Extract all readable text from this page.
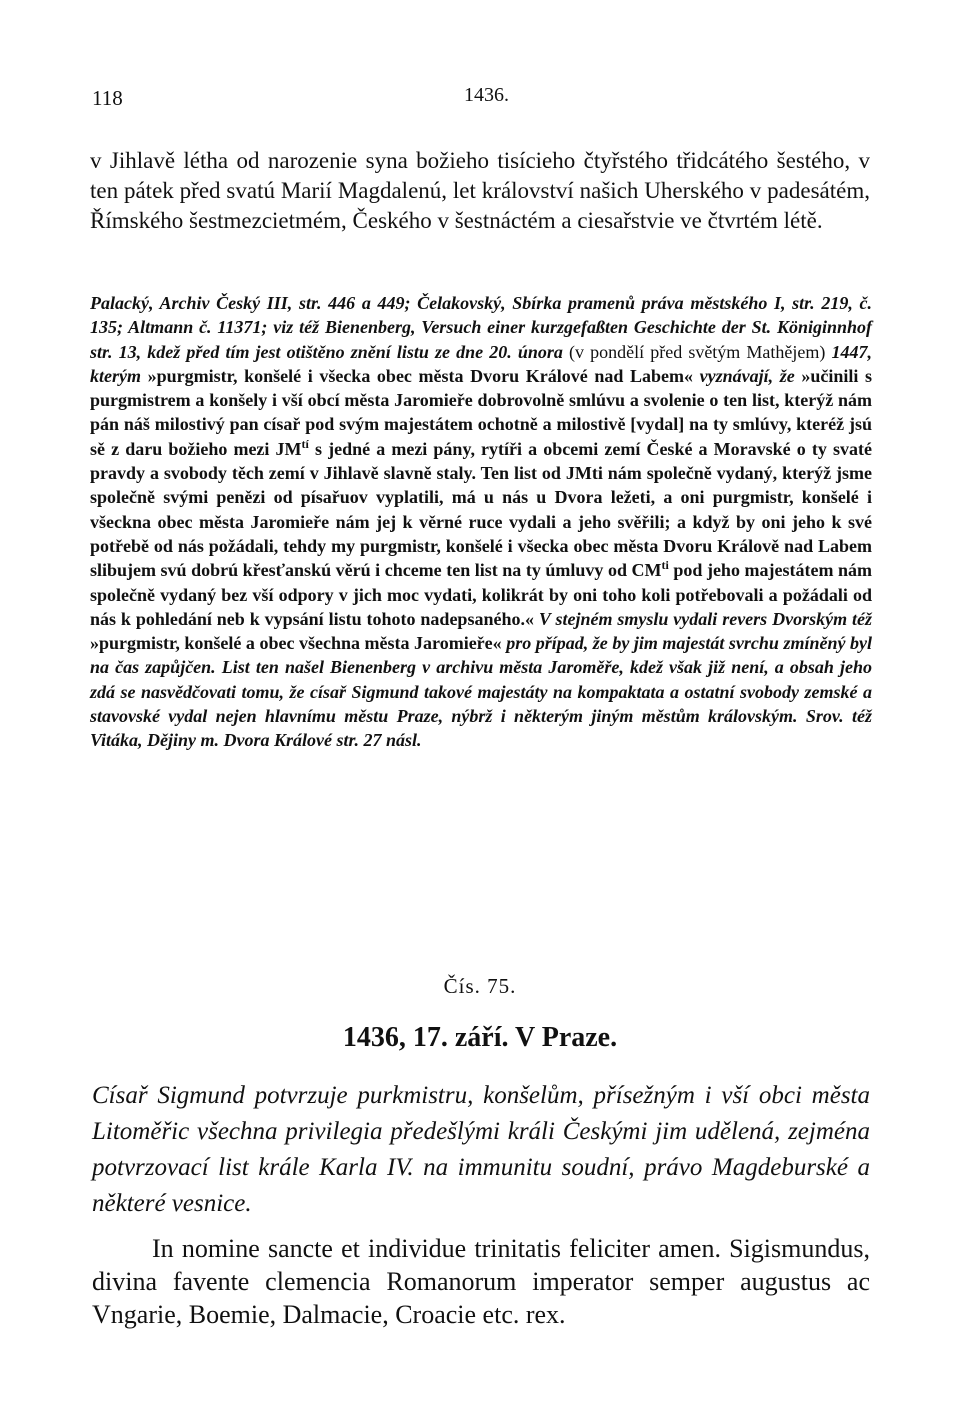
118	1436.

v Jihlavě létha od narozenie syna božieho tisícieho čtyřstého třidcátého šestého, v ten pátek před svatú Marií Magdalenú, let království našich Uherského v padesátém, Římského šestmezcietmém, Českého v šestnáctém a ciesařstvie ve čtvrtém létě.

Palacký, Archiv Český III, str. 446 a 449; Čelakovský, Sbírka pramenů práva městského I, str. 219, č. 135; Altmann č. 11371; viz též Bienenberg, Versuch einer kurzgefaßten Geschichte der St. Königinnhof str. 13, kdež před tím jest otištěno znění listu ze dne 20. února (v pondělí před světým Mathějem) 1447, kterým »purgmistr, konšelé i všecka obec města Dvoru Králové nad Labem« vyznávají, že »učinili s purgmistrem a konšely i vší obcí města Jaromieře dobrovolně smlúvu a svolenie o ten list, kterýž nám pán náš milostivý pan císař pod svým majestátem ochotně a milostivě [vydal] na ty smlúvy, kteréž jsú sě z daru božieho mezi $JM^{tí}$ s jedné a mezi pány, rytíři a obcemi zemí České a Moravské o ty svaté pravdy a svobody těch zemí v Jihlavě slavně staly. Ten list od JMti nám společně vydaný, kterýž jsme společně svými penězi od písařuov vyplatili, má u nás u Dvora ležeti, a oni purgmistr, konšelé i všeckna obec města Jaromieře nám jej k věrné ruce vydali a jeho svěřili; a když by oni jeho k své potřebě od nás požádali, tehdy my purgmistr, konšelé i všecka obec města Dvoru Králově nad Labem slibujem svú dobrú křesťanskú věrú i chceme ten list na ty úmluvy od $CM^{ti}$ pod jeho majestátem nám společně vydaný bez vší odpory v jich moc vydati, kolikrát by oni toho koli potřebovali a požádali od nás k pohledání neb k vypsání listu tohoto nadepsaného.« V stejném smyslu vydali revers Dvorským též »purgmistr, konšelé a obec všechna města Jaromieře« pro případ, že by jim majestát svrchu zmíněný byl na čas zapůjčen. List ten našel Bienenberg v archivu města Jaroměře, kdež však již není, a obsah jeho zdá se nasvědčovati tomu, že císař Sigmund takové majestáty na kompaktata a ostatní svobody zemské a stavovské vydal nejen hlavnímu městu Praze, nýbrž i některým jiným městům královským. Srov. též Vitáka, Dějiny m. Dvora Králové str. 27 násl.

Čís. 75.
1436, 17. září. V Praze.

Císař Sigmund potvrzuje purkmistru, konšelům, přísežným i vší obci města Litoměřic všechna privilegia předešlými králi Českými jim udělená, zejména potvrzovací list krále Karla IV. na immunitu soudní, právo Magdeburské a některé vesnice.

In nomine sancte et individue trinitatis feliciter amen. Sigismundus, divina favente clemencia Romanorum imperator semper augustus ac Vngarie, Boemie, Dalmacie, Croacie etc. rex.
